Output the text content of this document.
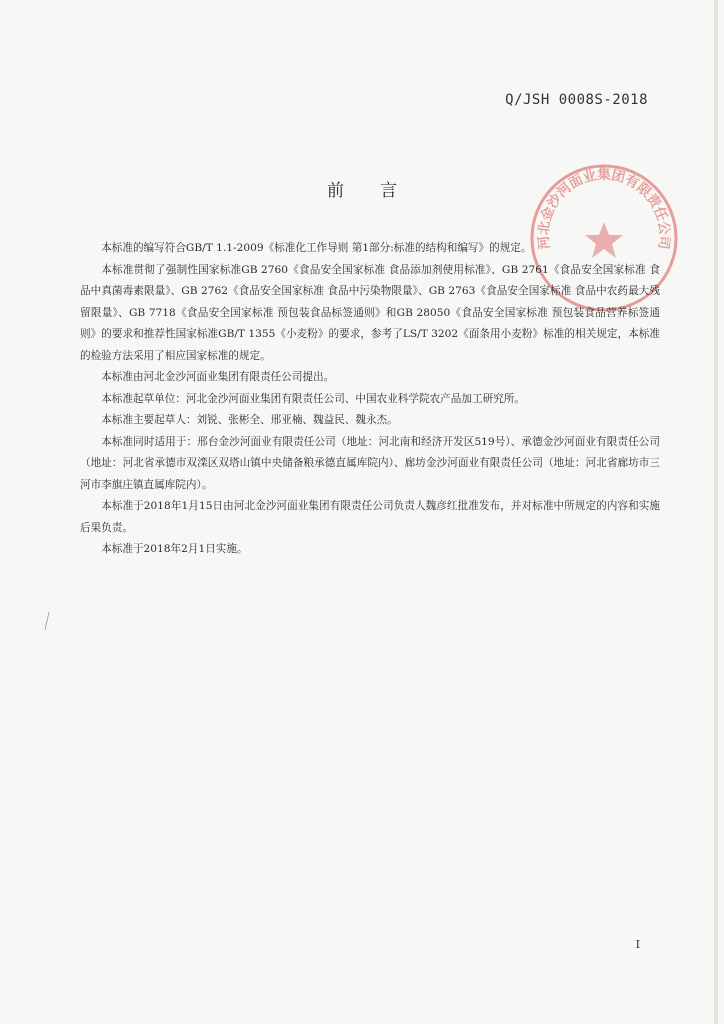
Q/JSH 0008S-2018
前言
河北金沙河面业集团有限责任公司

本标准的编写符合GB/T 1.1-2009《标准化工作导则 第1部分:标准的结构和编写》的规定。

本标准贯彻了强制性国家标准GB 2760《食品安全国家标准 食品添加剂使用标准》、GB 2761《食品安全国家标准 食品中真菌毒素限量》、GB 2762《食品安全国家标准 食品中污染物限量》、GB 2763《食品安全国家标准 食品中农药最大残留限量》、GB 7718《食品安全国家标准 预包装食品标签通则》和GB 28050《食品安全国家标准 预包装食品营养标签通则》的要求和推荐性国家标准GB/T 1355《小麦粉》的要求，参考了LS/T 3202《面条用小麦粉》标准的相关规定，本标准的检验方法采用了相应国家标准的规定。

本标准由河北金沙河面业集团有限责任公司提出。

本标准起草单位：河北金沙河面业集团有限责任公司、中国农业科学院农产品加工研究所。

本标准主要起草人：刘锐、张彬全、邢亚楠、魏益民、魏永杰。

本标准同时适用于：邢台金沙河面业有限责任公司（地址：河北南和经济开发区519号）、承德金沙河面业有限责任公司（地址：河北省承德市双滦区双塔山镇中央储备粮承德直属库院内）、廊坊金沙河面业有限责任公司（地址：河北省廊坊市三河市李旗庄镇直属库院内）。

本标准于2018年1月15日由河北金沙河面业集团有限责任公司负责人魏彦红批准发布，并对标准中所规定的内容和实施后果负责。

本标准于2018年2月1日实施。

I
